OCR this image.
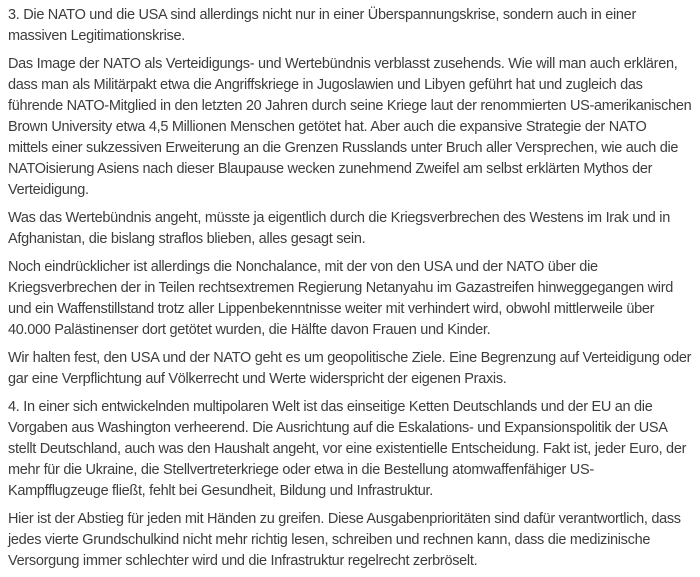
3. Die NATO und die USA sind allerdings nicht nur in einer Überspannungskrise, sondern auch in einer
massiven Legitimationskrise.

Das Image der NATO als Verteidigungs- und Wertebündnis verblasst zusehends. Wie will man auch erklären,
dass man als Militärpakt etwa die Angriffskriege in Jugoslawien und Libyen geführt hat und zugleich das
führende NATO-Mitglied in den letzten 20 Jahren durch seine Kriege laut der renommierten US-amerikanischen
Brown University etwa 4,5 Millionen Menschen getötet hat. Aber auch die expansive Strategie der NATO
mittels einer sukzessiven Erweiterung an die Grenzen Russlands unter Bruch aller Versprechen, wie auch die
NATOisierung Asiens nach dieser Blaupause wecken zunehmend Zweifel am selbst erklärten Mythos der
Verteidigung.

Was das Wertebündnis angeht, müsste ja eigentlich durch die Kriegsverbrechen des Westens im Irak und in
Afghanistan, die bislang straflos blieben, alles gesagt sein.

Noch eindrücklicher ist allerdings die Nonchalance, mit der von den USA und der NATO über die
Kriegsverbrechen der in Teilen rechtsextremen Regierung Netanyahu im Gazastreifen hinweggegangen wird
und ein Waffenstillstand trotz aller Lippenbekenntnisse weiter mit verhindert wird, obwohl mittlerweile über
40.000 Palästinenser dort getötet wurden, die Hälfte davon Frauen und Kinder.

Wir halten fest, den USA und der NATO geht es um geopolitische Ziele. Eine Begrenzung auf Verteidigung oder
gar eine Verpflichtung auf Völkerrecht und Werte widerspricht der eigenen Praxis.

4. In einer sich entwickelnden multipolaren Welt ist das einseitige Ketten Deutschlands und der EU an die
Vorgaben aus Washington verheerend. Die Ausrichtung auf die Eskalations- und Expansionspolitik der USA
stellt Deutschland, auch was den Haushalt angeht, vor eine existentielle Entscheidung. Fakt ist, jeder Euro, der
mehr für die Ukraine, die Stellvertreterkriege oder etwa in die Bestellung atomwaffenfähiger US-
Kampfflugzeuge fließt, fehlt bei Gesundheit, Bildung und Infrastruktur.

Hier ist der Abstieg für jeden mit Händen zu greifen. Diese Ausgabenprioritäten sind dafür verantwortlich, dass
jedes vierte Grundschulkind nicht mehr richtig lesen, schreiben und rechnen kann, dass die medizinische
Versorgung immer schlechter wird und die Infrastruktur regelrecht zerbröselt.
